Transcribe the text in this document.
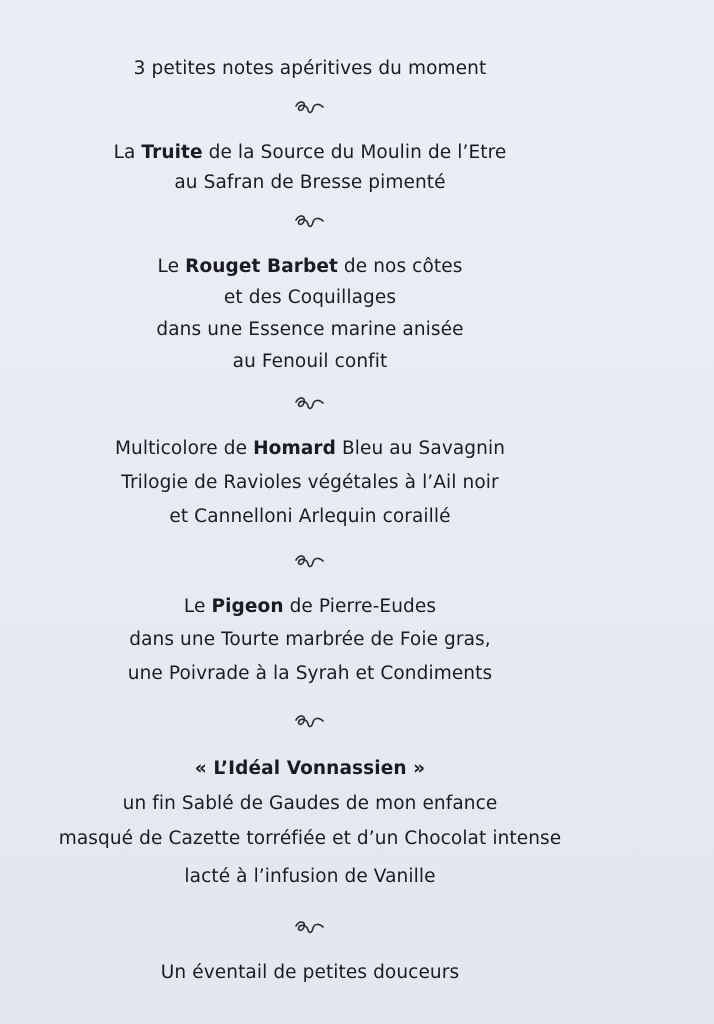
3 petites notes apéritives du moment
La Truite de la Source du Moulin de l’Etre
au Safran de Bresse pimenté
Le Rouget Barbet de nos côtes
et des Coquillages
dans une Essence marine anisée
au Fenouil confit
Multicolore de Homard Bleu au Savagnin
Trilogie de Ravioles végétales à l’Ail noir
et Cannelloni Arlequin coraillé
Le Pigeon de Pierre-Eudes
dans une Tourte marbrée de Foie gras,
une Poivrade à la Syrah et Condiments
« L’Idéal Vonnassien »
un fin Sablé de Gaudes de mon enfance
masqué de Cazette torréfiée et d’un Chocolat intense
lacté à l’infusion de Vanille
Un éventail de petites douceurs
